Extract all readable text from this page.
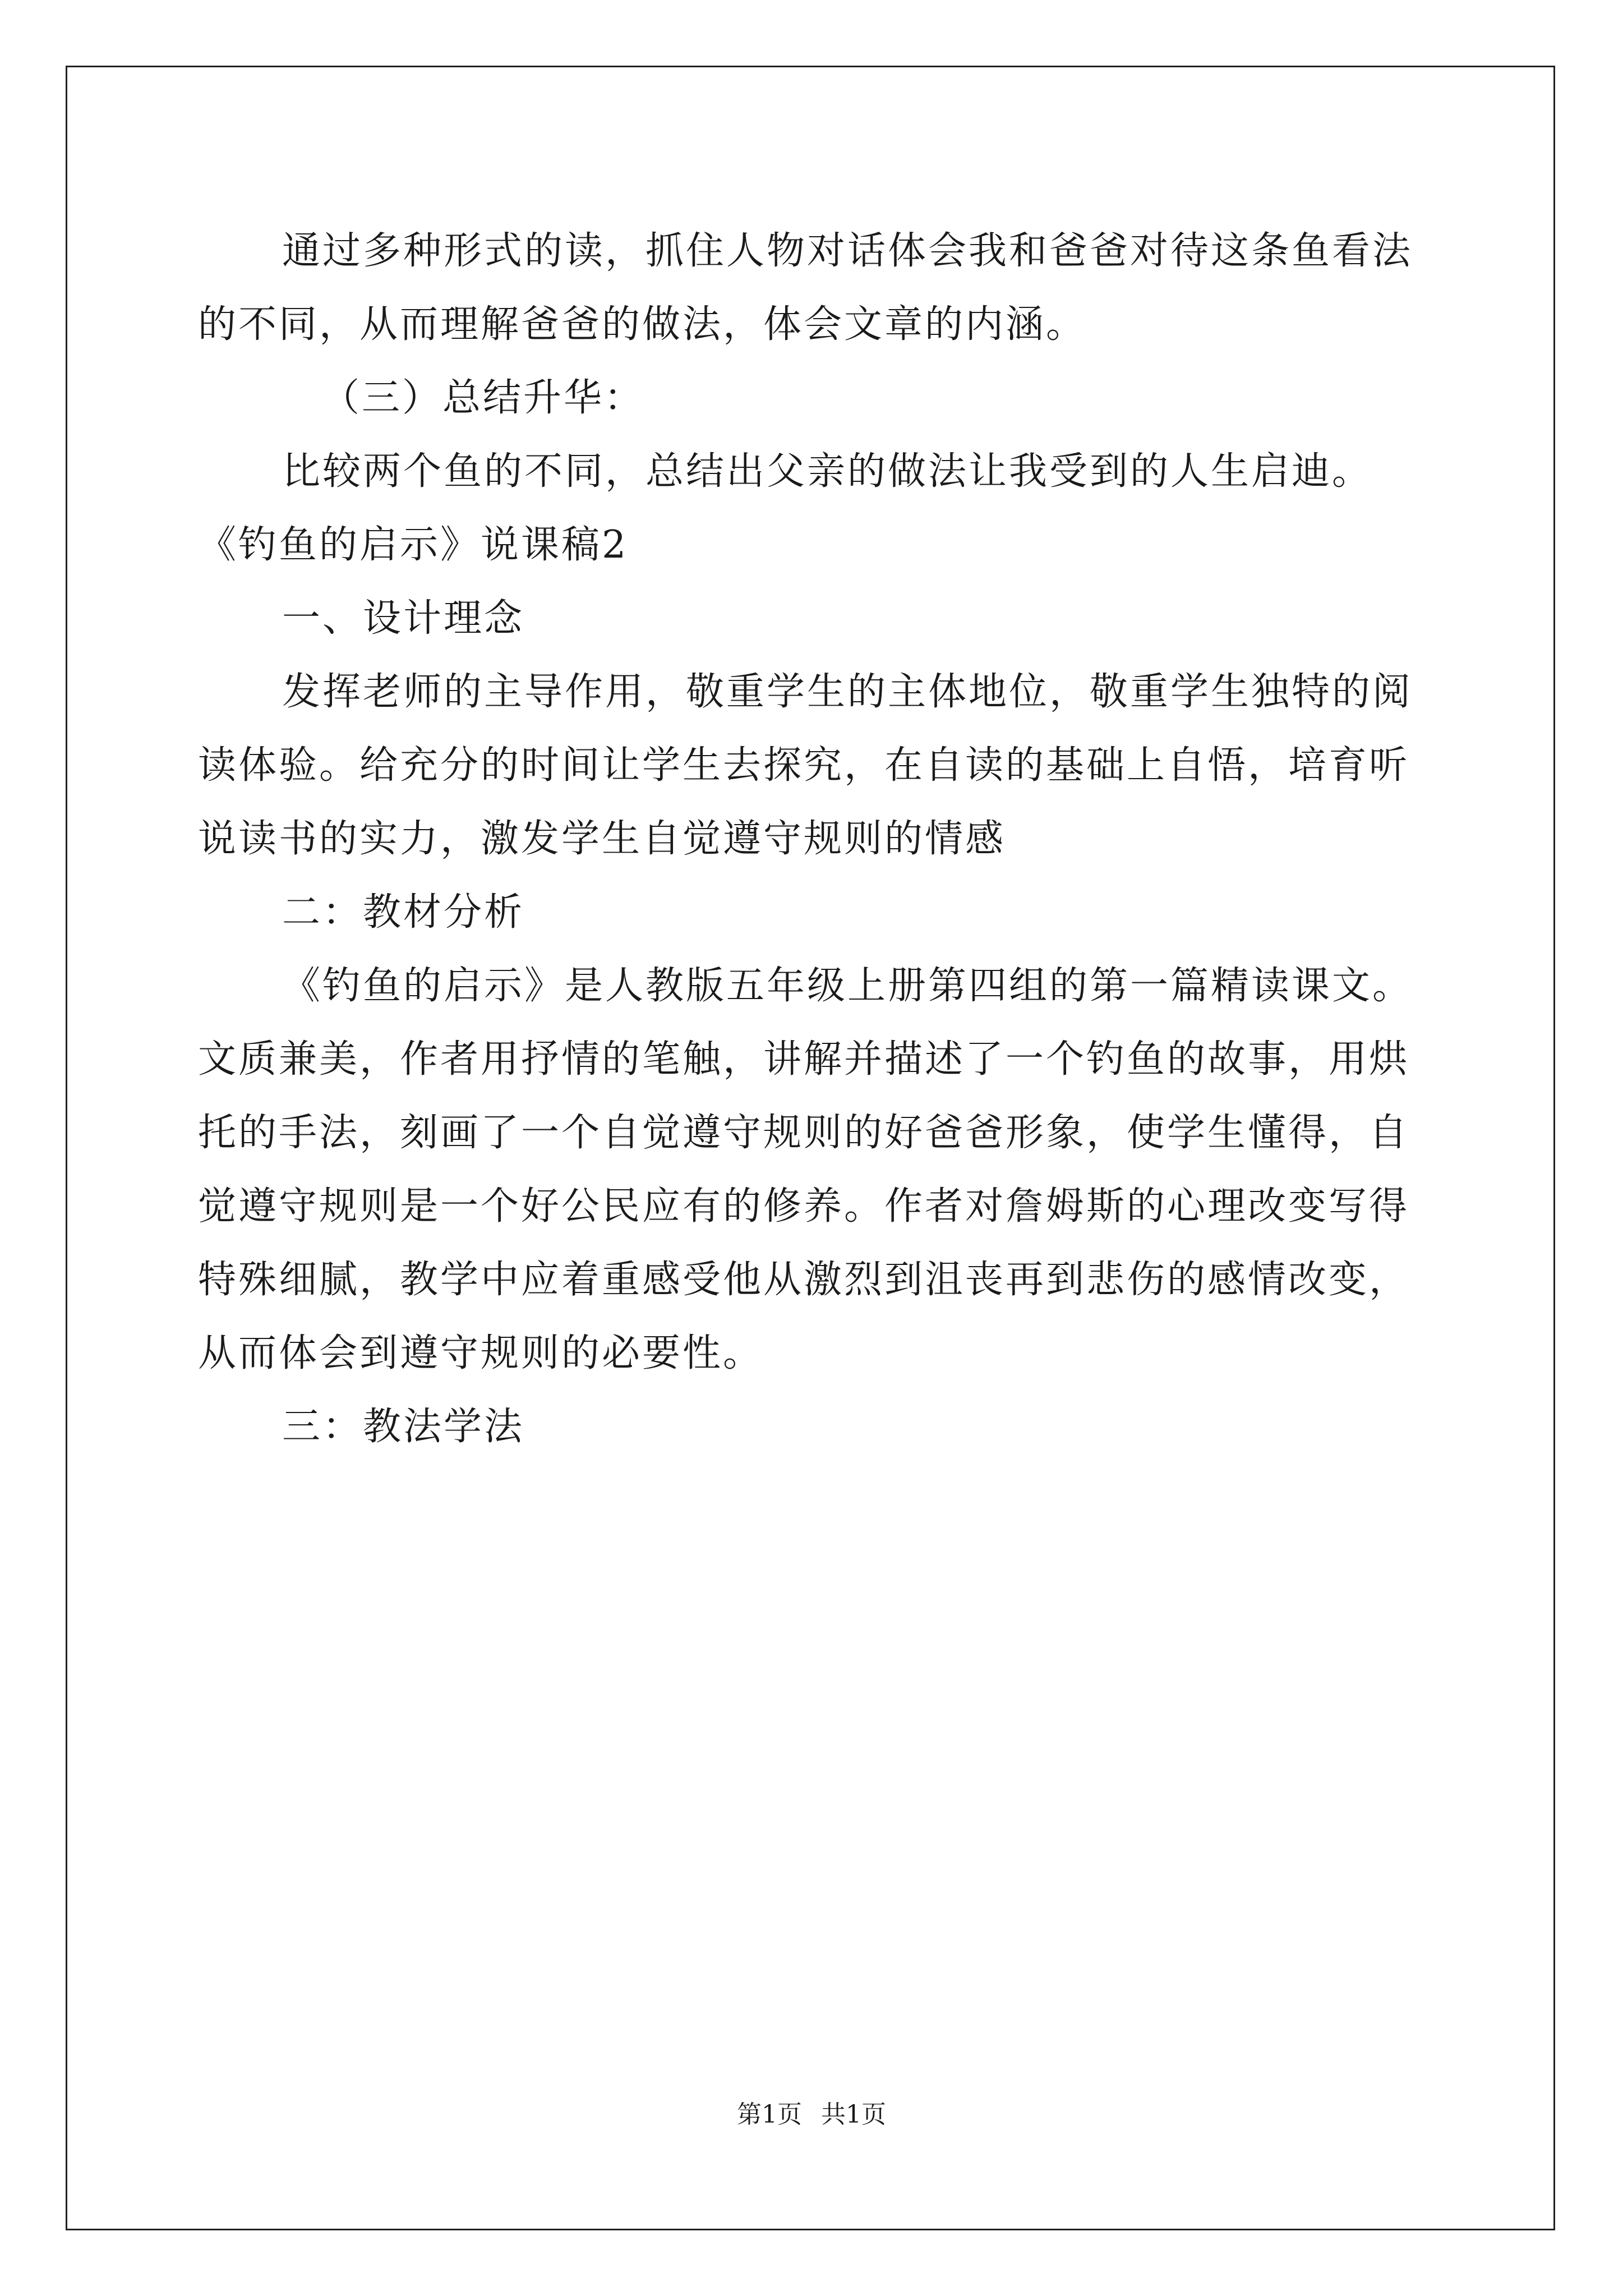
通过多种形式的读，抓住人物对话体会我和爸爸对待这条鱼看法
的不同，从而理解爸爸的做法，体会文章的内涵。
（三）总结升华：
比较两个鱼的不同，总结出父亲的做法让我受到的人生启迪。
《钓鱼的启示》说课稿2
一、设计理念
发挥老师的主导作用，敬重学生的主体地位，敬重学生独特的阅
读体验。给充分的时间让学生去探究，在自读的基础上自悟，培育听
说读书的实力，激发学生自觉遵守规则的情感
二：教材分析
《钓鱼的启示》是人教版五年级上册第四组的第一篇精读课文。
文质兼美，作者用抒情的笔触，讲解并描述了一个钓鱼的故事，用烘
托的手法，刻画了一个自觉遵守规则的好爸爸形象，使学生懂得，自
觉遵守规则是一个好公民应有的修养。作者对詹姆斯的心理改变写得
特殊细腻，教学中应着重感受他从激烈到沮丧再到悲伤的感情改变，
从而体会到遵守规则的必要性。
三：教法学法
第1页 共1页
